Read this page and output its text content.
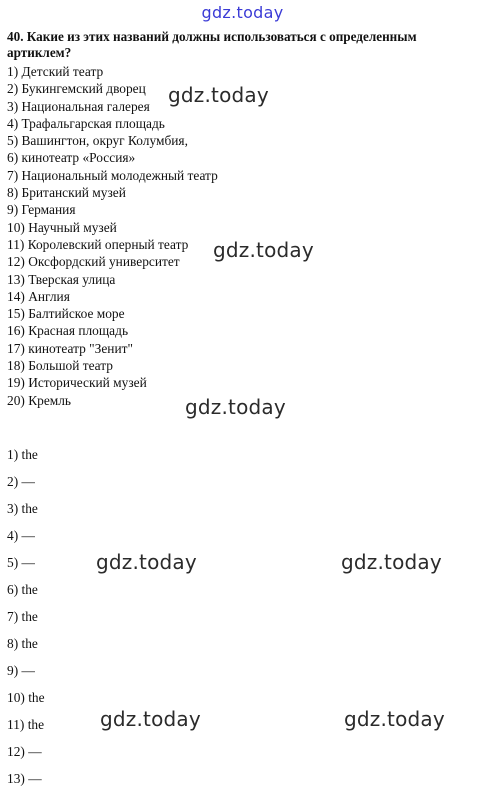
gdz.today
40. Какие из этих названий должны использоваться с определенным артиклем?
1) Детский театр
2) Букингемский дворец
3) Национальная галерея
4) Трафальгарская площадь
5) Вашингтон, округ Колумбия,
6) кинотеатр «Россия»
7) Национальный молодежный театр
8) Британский музей
9) Германия
10) Научный музей
11) Королевский оперный театр
12) Оксфордский университет
13) Тверская улица
14) Англия
15) Балтийское море
16) Красная площадь
17) кинотеатр "Зенит"
18) Большой театр
19) Исторический музей
20) Кремль
1) the
2) —
3) the
4) —
5) —
6) the
7) the
8) the
9) —
10) the
11) the
12) —
13) —
gdz.today
gdz.today
gdz.today
gdz.today	gdz.today
gdz.today	gdz.today
